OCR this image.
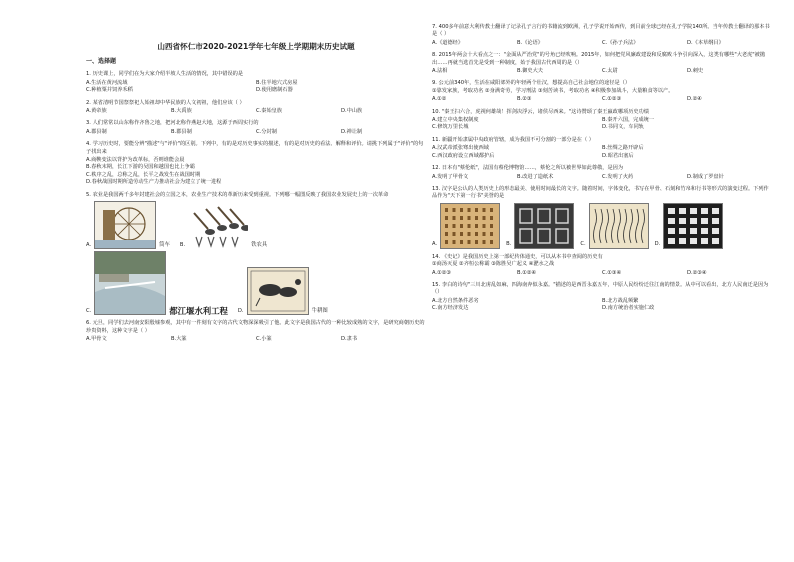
山西省怀仁市2020-2021学年七年级上学期期末历史试题
一、选择题
1. 历史课上，同学们在为大家介绍半坡人生活的情况，其中错误的是
A.生活在黄河流域	B.住半地穴式房屋
C.种植粟并饲养禾稻	D.使用磨制石器
2. 某省清明节国祭祭祀人始祖却中华民族的人文初祖，他们应该（ ）
A.黄帝族	B.大禹族	C.秦始皇族	D.中山族
3. 人们常常以山东称作齐鲁之地，把河北称作燕赵大地，这源于西周实行的
A.郡县制	B.郡县制	C.分封制	D.禅让制
4. 学习历史时，要能分辨"描述"与"评价"的区别。下列中，有的是对历史事实的描述，有的是对历史的看法、解释和评价。请挑下列属于"评价"的句子找出来
A.商鞅变法以背护为改革标，否则谁能会晨
B.春秋末期，长江下游的吴国和越国也比上争霸
C.秩序之乱，总称之乱，长平之战发生在战国时期
D.春秋战国时期所造劳动生产力推动社会为建立了统一进程
5. 农业是我国两千多年封建社会的立国之本，农业生产技术的革新历来受到重视。下列哪一幅图反映了我国农业发展史上的一次革命
A.	筒车 B.	铁农具
C.	都江堰水利工程 D.	牛耕图
6. 元旦，同学们去河南安阳殷墟参观，其中有一件刻有文字的古代文物深深吸引了他。此文字是我国古代的一种比较成熟的文字，是研究商朝历史的珍贵资料，这种文字是（ ）
A.甲骨文	B.大篆	C.小篆	D.隶书
7. 400多年前意大利传教士翻译了记录孔子言行的书籍流到欧洲，孔子学说开始西传，到目前全球已经在孔子学院140所。当年传教士翻译的那本书是（ ）
A.《道德经》	B.《论语》	C.《孙子兵法》	D.《本草纲目》
8. 2015年两会十大看点之一："金面从严治党"的号角已经吹响。2015年，如何把党风廉政建设和反腐败斗争引向深入，这类有哪些"大老虎"被抛出……再就当选首先是受到一种制度，始于我国古代西周的是（）
A.法相	B.御史大夫	C.太尉	D.刺史
9. 公元前340年，生活在咸阳郊外的年轻两个壮汉，想提高自己社会地位的途径是（）
①靠发家族，考取功名 ②身满奇劳，学习刑法 ③刻苦读书，考取功名 ④积极参加战斗，大量粮食等以产。
A.①②	B.②③	C.①②③	D.②④
10. "秦王扫六合，虎视何雄哉！挥剑决浮云，诸侯尽西来。"这诗赞颂了秦王嬴政哪项历史功绩
A.建立中央集权制度	B.秦开六国，完成统一
C.修筑万里长城	D.书同文，车同轨
11. 新疆开始隶属中央政府管辖，成为我国不可分割的一部分是在（ ）
A.汉武帝派张骞出使西域	B.丝绸之路开辟后
C.西汉政府设立西域都护后	D.昭君出塞后
12. 日本有"蔡伦纸"，法国有蔡伦博物馆……，蔡伦之所以被世界如此尊敬，是因为
A.发明了甲骨文	B.改进了造纸术	C.发明了火药	D.制成了罗盘针
13. 汉字是公认的人类历史上的形态最美、使用时间最长的文字。随着时间，字体变化，书写在甲骨、石刻和竹帛和行书等形式的演变过程。下列作品作为"天下第一行书"美誉的是
A.	B.	C.	D.
14. 《史记》是我国历史上第一部纪传体通史，可以从本书中查阅的历史有
①商汤灭夏 ②齐桓公称霸 ③陈胜吴广起义 ④淝水之战
A.①②③	B.①②④	C.①③④	D.②③④
15. 李白的诗句"三川北虏乱如麻，四海南奔似永嘉。"描述的是西晋永嘉五年，中原人民纷纷迁往江南的情景。从中可以看出，北方人民南迁是因为（）
A.北方自然条件恶劣	B.北方战乱频繁
C.南方经济发达	D.南方统治者实施仁政
